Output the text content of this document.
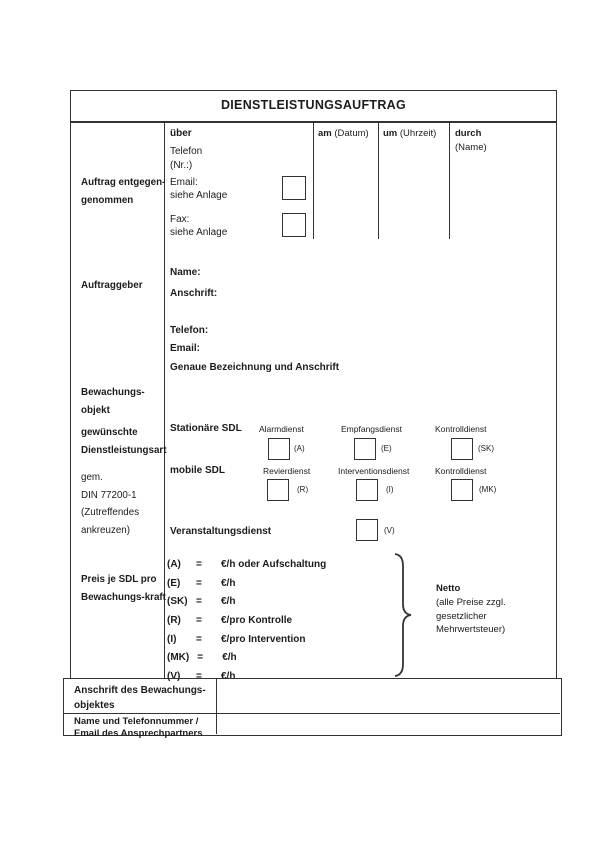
DIENSTLEISTUNGSAUFTRAG
Auftrag entgegen-
genommen
über
Telefon
(Nr.:)
Email:
siehe Anlage
Fax:
siehe Anlage
am (Datum) um (Uhrzeit) durch
(Name)
Auftraggeber
Name:
Anschrift:
Telefon:
Email:
Genaue Bezeichnung und Anschrift
Bewachungs-
objekt
gewünschte
Dienstleistungsart
gem.
DIN 77200-1
(Zutreffendes
ankreuzen)
Stationäre SDL Alarmdienst	Empfangsdienst	Kontrolldienst
(A)	(E)	(SK)
mobile SDL	Revierdienst	Interventionsdienst	Kontrolldienst
(R)	(I)	(MK)
Veranstaltungsdienst	(V)
Preis je SDL pro
Bewachungs-kraft
(A)	=	€/h oder Aufschaltung
(E)	=	€/h
(SK) =	€/h
(R)	=	€/pro Kontrolle
(I)	=	€/pro Intervention
(MK) =	€/h
(V)	=	€/h
Netto
(alle Preise zzgl.
gesetzlicher
Mehrwertsteuer)
Anschrift des Bewachungs-
objektes
Name und Telefonnummer /
Email des Ansprechpartners
